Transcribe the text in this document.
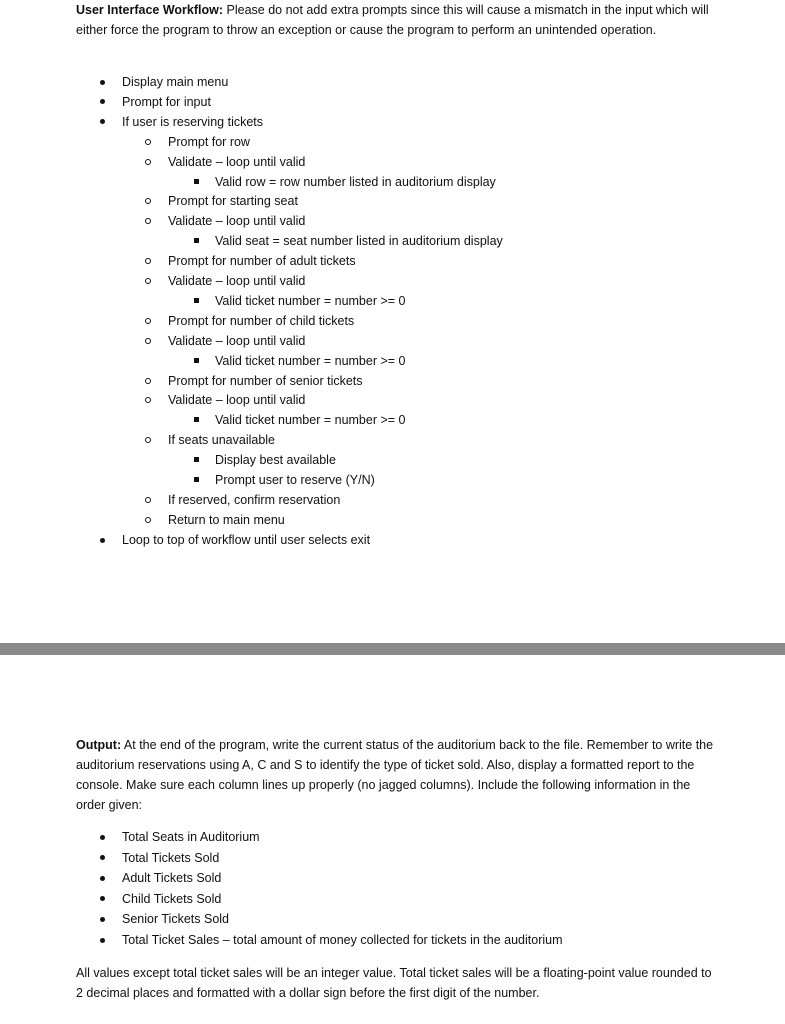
User Interface Workflow: Please do not add extra prompts since this will cause a mismatch in the input which will either force the program to throw an exception or cause the program to perform an unintended operation.

Display main menu
Prompt for input
If user is reserving tickets
Prompt for row
Validate – loop until valid
Valid row = row number listed in auditorium display
Prompt for starting seat
Validate – loop until valid
Valid seat = seat number listed in auditorium display
Prompt for number of adult tickets
Validate – loop until valid
Valid ticket number = number >= 0
Prompt for number of child tickets
Validate – loop until valid
Valid ticket number = number >= 0
Prompt for number of senior tickets
Validate – loop until valid
Valid ticket number = number >= 0
If seats unavailable
Display best available
Prompt user to reserve (Y/N)
If reserved, confirm reservation
Return to main menu
Loop to top of workflow until user selects exit

Output: At the end of the program, write the current status of the auditorium back to the file. Remember to write the auditorium reservations using A, C and S to identify the type of ticket sold. Also, display a formatted report to the console. Make sure each column lines up properly (no jagged columns). Include the following information in the order given:

Total Seats in Auditorium
Total Tickets Sold
Adult Tickets Sold
Child Tickets Sold
Senior Tickets Sold
Total Ticket Sales – total amount of money collected for tickets in the auditorium

All values except total ticket sales will be an integer value. Total ticket sales will be a floating-point value rounded to 2 decimal places and formatted with a dollar sign before the first digit of the number.
